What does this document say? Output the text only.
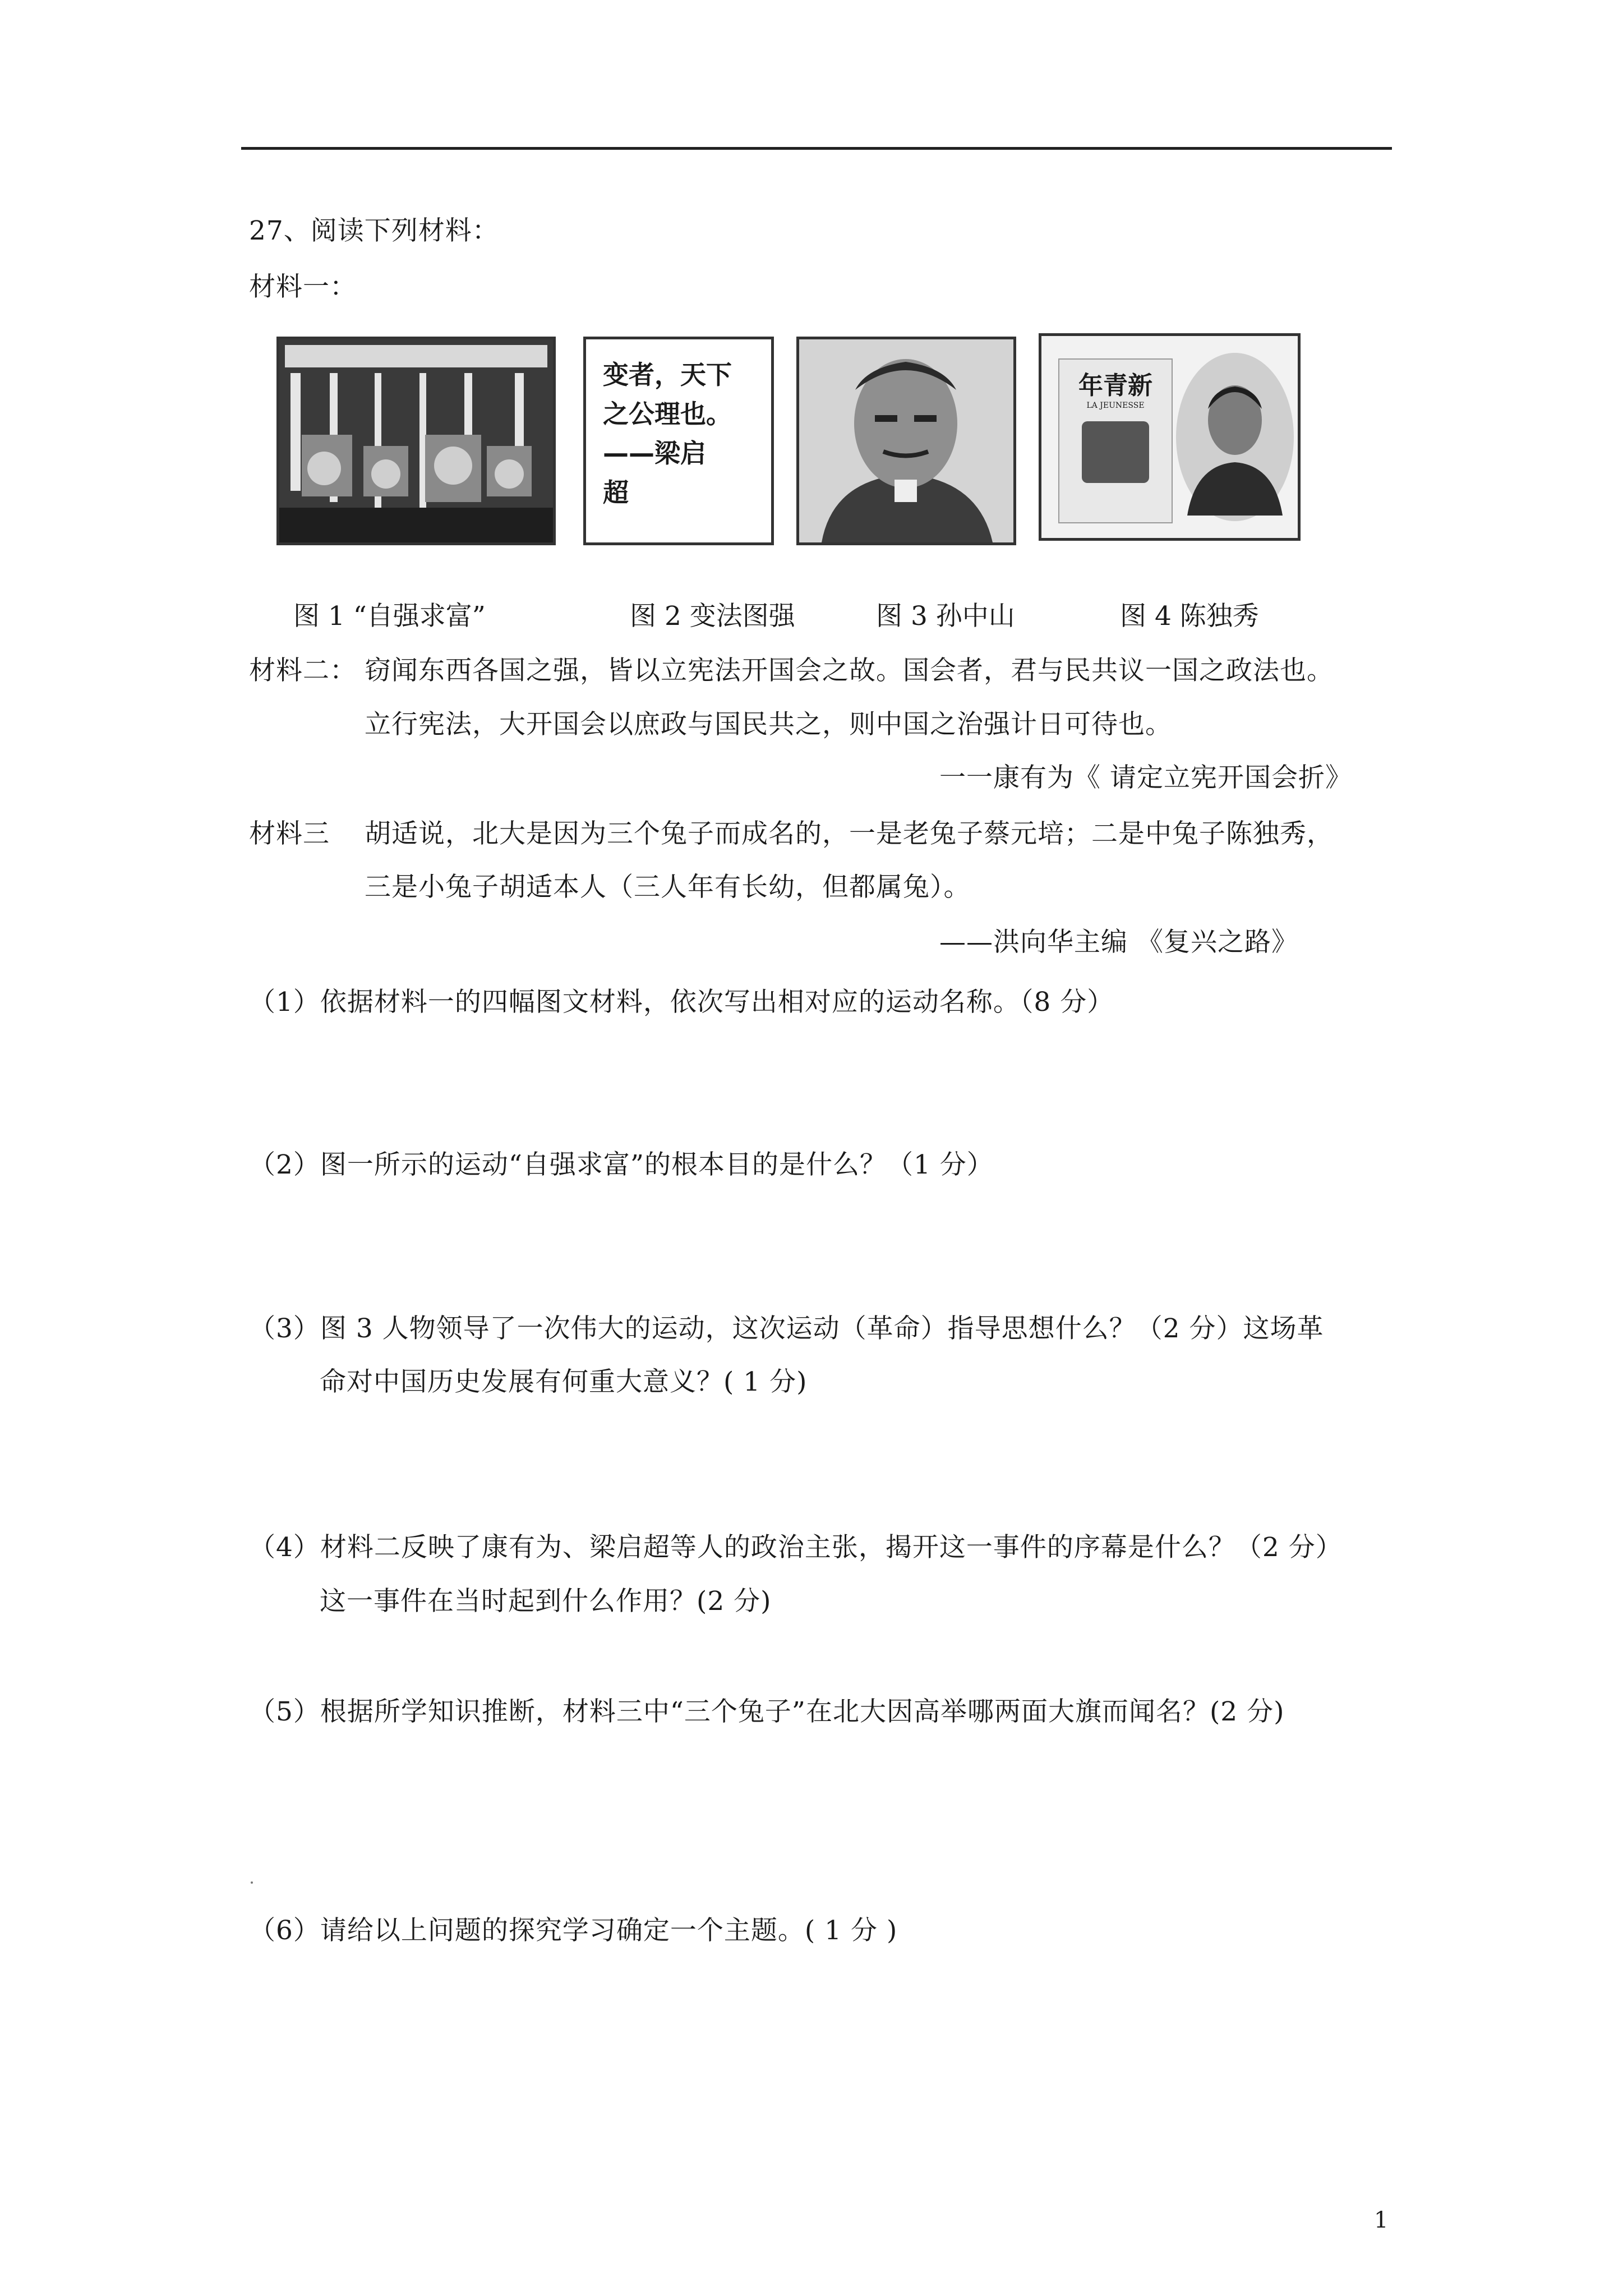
27、阅读下列材料：
材料一：
变者，天下
之公理也。
——梁启
超
年青新
LA JEUNESSE
图 1 “自强求富”	图 2 变法图强	图 3 孙中山	图 4 陈独秀
材料二： 窃闻东西各国之强，皆以立宪法开国会之故。国会者，君与民共议一国之政法也。
立行宪法，大开国会以庶政与国民共之，则中国之治强计日可待也。
一一康有为《 请定立宪开国会折》
材料三 胡适说，北大是因为三个兔子而成名的，一是老兔子蔡元培；二是中兔子陈独秀，
三是小兔子胡适本人（三人年有长幼，但都属兔）。
——洪向华主编 《复兴之路》
（1）依据材料一的四幅图文材料，依次写出相对应的运动名称。（8 分）
（2）图一所示的运动“自强求富”的根本目的是什么？（1 分）
（3）图 3 人物领导了一次伟大的运动，这次运动（革命）指导思想什么？（2 分）这场革
命对中国历史发展有何重大意义？( 1 分)
（4）材料二反映了康有为、梁启超等人的政治主张，揭开这一事件的序幕是什么？（2 分）
这一事件在当时起到什么作用？(2 分)
（5）根据所学知识推断，材料三中“三个兔子”在北大因高举哪两面大旗而闻名？(2 分)
（6）请给以上问题的探究学习确定一个主题。( 1 分 )
1
